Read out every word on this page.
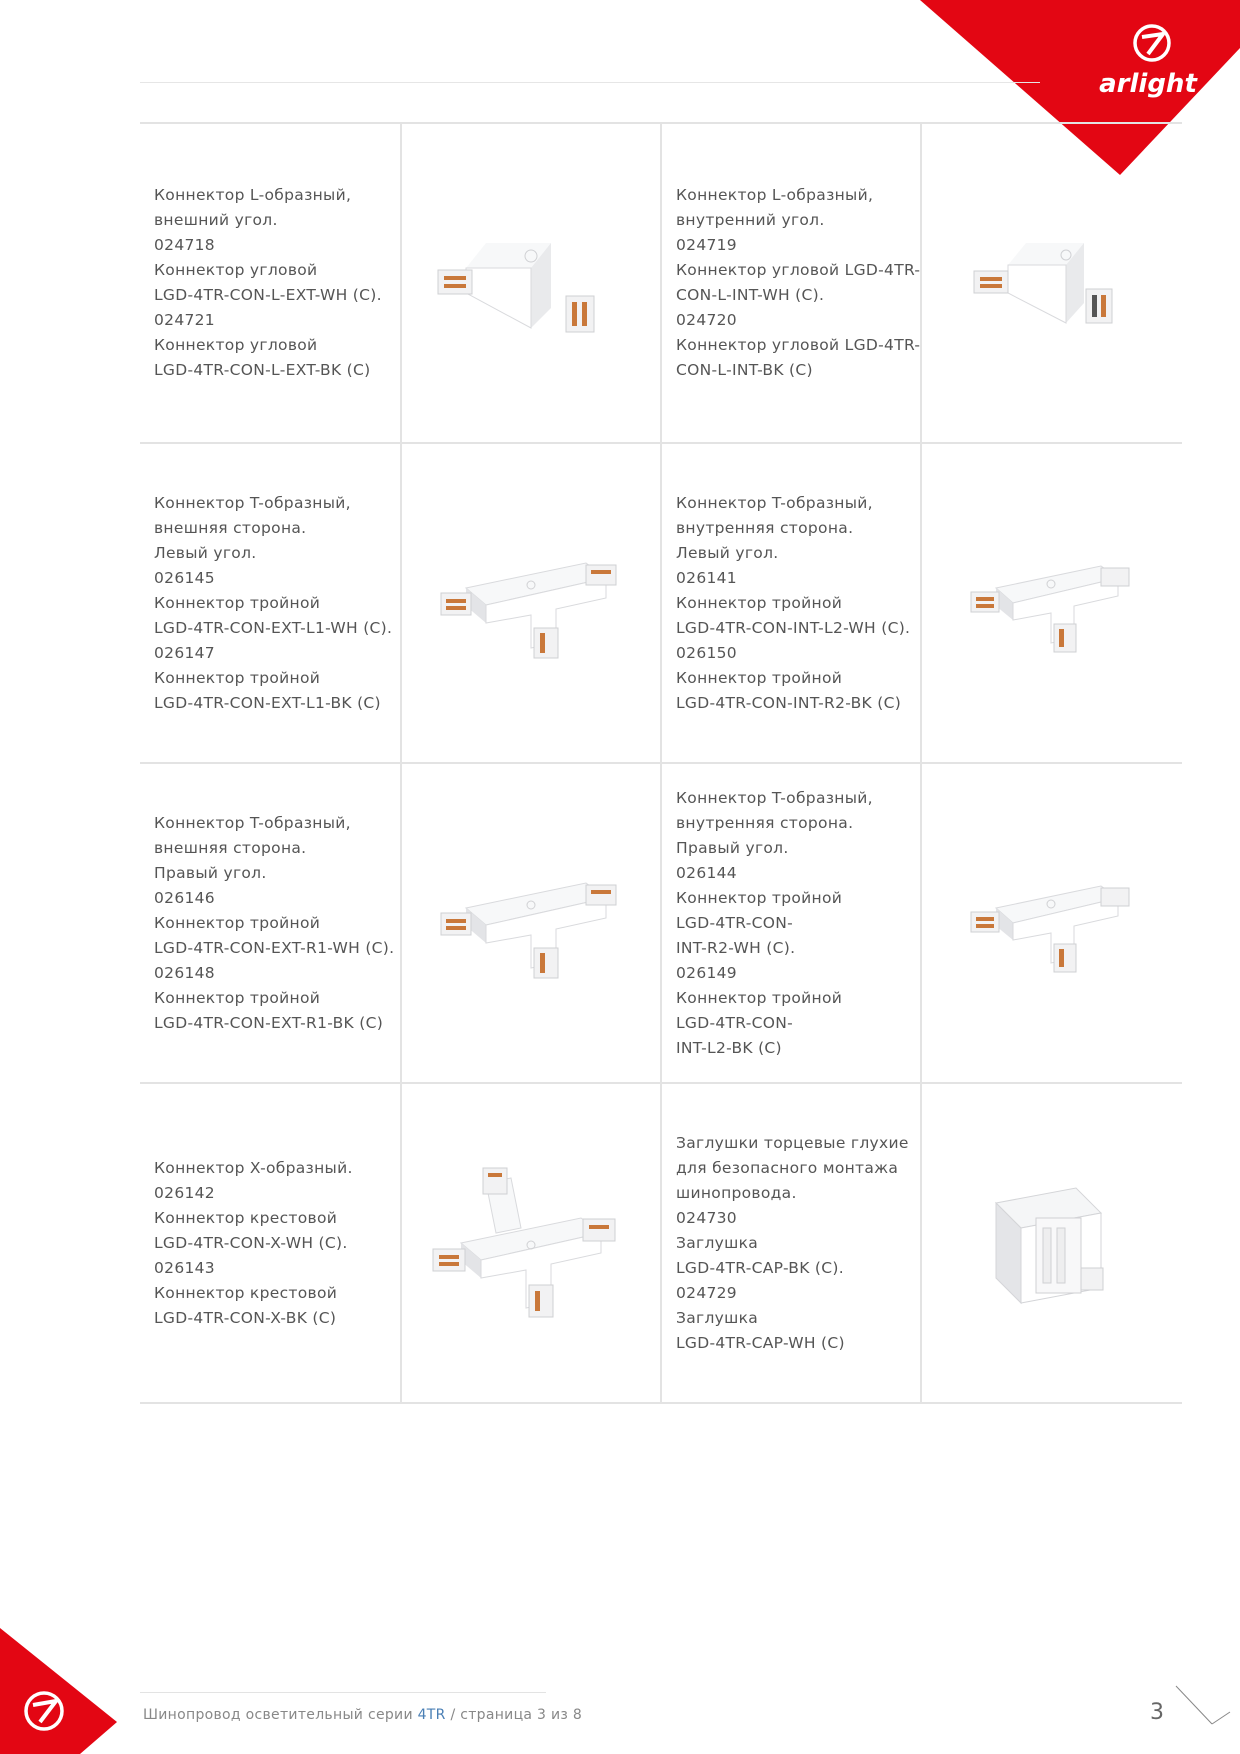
arlight

Коннектор L-образный,
внешний угол.
024718
Коннектор угловой
LGD-4TR-CON-L-EXT-WH (C).
024721
Коннектор угловой
LGD-4TR-CON-L-EXT-BK (C)

Коннектор L-образный,
внутренний угол.
024719
Коннектор угловой LGD-4TR-
CON-L-INT-WH (C).
024720
Коннектор угловой LGD-4TR-
CON-L-INT-BK (C)

Коннектор T-образный,
внешняя сторона.
Левый угол.
026145
Коннектор тройной
LGD-4TR-CON-EXT-L1-WH (C).
026147
Коннектор тройной
LGD-4TR-CON-EXT-L1-BK (C)

Коннектор T-образный,
внутренняя сторона.
Левый угол.
026141
Коннектор тройной
LGD-4TR-CON-INT-L2-WH (C).
026150
Коннектор тройной
LGD-4TR-CON-INT-R2-BK (C)

Коннектор T-образный,
внешняя сторона.
Правый угол.
026146
Коннектор тройной
LGD-4TR-CON-EXT-R1-WH (C).
026148
Коннектор тройной
LGD-4TR-CON-EXT-R1-BK (C)

Коннектор T-образный,
внутренняя сторона.
Правый угол.
026144
Коннектор тройной
LGD-4TR-CON-
INT-R2-WH (C).
026149
Коннектор тройной
LGD-4TR-CON-
INT-L2-BK (C)

Коннектор X-образный.
026142
Коннектор крестовой
LGD-4TR-CON-X-WH (C).
026143
Коннектор крестовой
LGD-4TR-CON-X-BK (C)

Заглушки торцевые глухие
для безопасного монтажа
шинопровода.
024730
Заглушка
LGD-4TR-CAP-BK (C).
024729
Заглушка
LGD-4TR-CAP-WH (C)

Шинопровод осветительный серии 4TR / страница 3 из 8	3
